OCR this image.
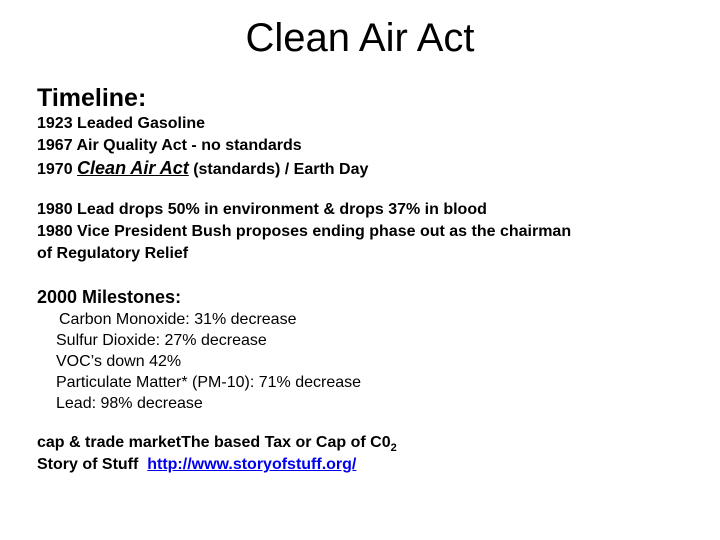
Clean Air Act
Timeline:
1923 Leaded Gasoline
1967 Air Quality Act - no standards
1970 Clean Air Act (standards) / Earth Day
1980 Lead drops 50% in environment & drops 37% in blood
1980 Vice President Bush proposes ending phase out as the chairman
of Regulatory Relief
2000 Milestones:
Carbon Monoxide: 31% decrease
Sulfur Dioxide: 27% decrease
VOC’s down 42%
Particulate Matter* (PM-10): 71% decrease
Lead: 98% decrease
cap & trade marketThe based Tax or Cap of $C0_2$
Story of Stuff http://www.storyofstuff.org/
